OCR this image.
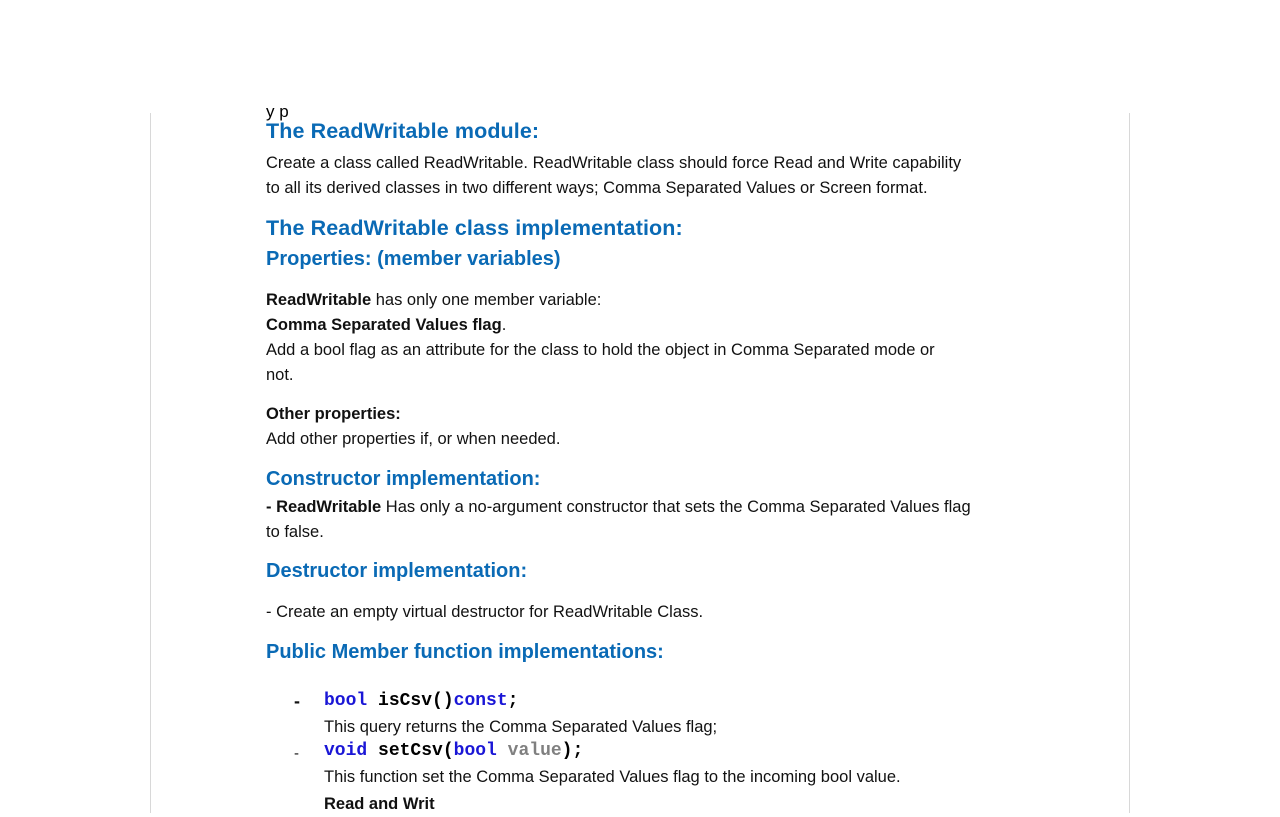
y p
The ReadWritable module:
Create a class called ReadWritable. ReadWritable class should force Read and Write capability
to all its derived classes in two different ways; Comma Separated Values or Screen format.
The ReadWritable class implementation:
Properties: (member variables)
ReadWritable has only one member variable:
Comma Separated Values flag.
Add a bool flag as an attribute for the class to hold the object in Comma Separated mode or
not.
Other properties:
Add other properties if, or when needed.
Constructor implementation:
- ReadWritable Has only a no-argument constructor that sets the Comma Separated Values flag
to false.
Destructor implementation:
- Create an empty virtual destructor for ReadWritable Class.
Public Member function implementations:
- bool isCsv()const;
This query returns the Comma Separated Values flag;
- void setCsv(bool value);
This function set the Comma Separated Values flag to the incoming bool value.
Read and Writ
